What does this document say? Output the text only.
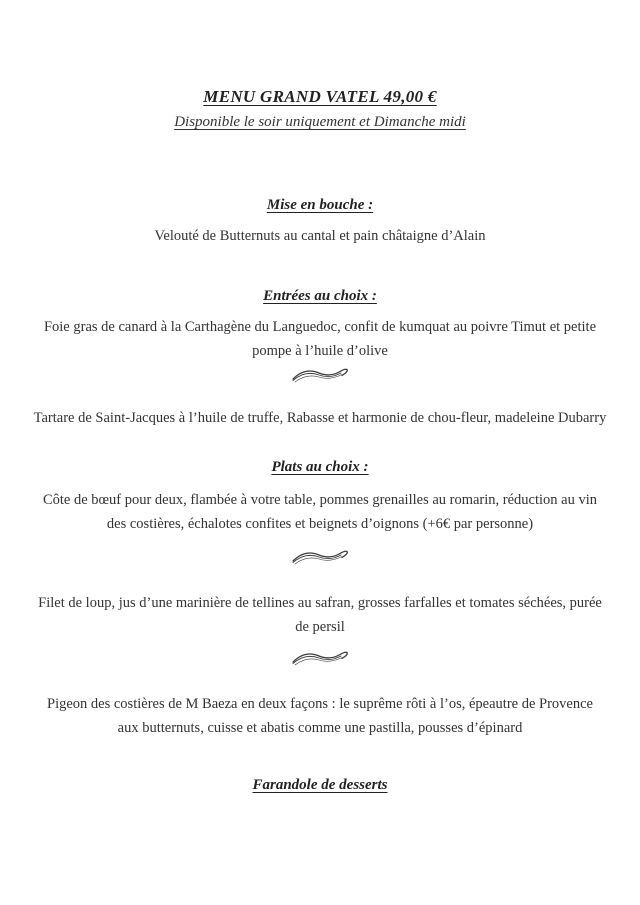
MENU GRAND VATEL 49,00 €
Disponible le soir uniquement et Dimanche midi
Mise en bouche :

Velouté de Butternuts au cantal et pain châtaigne d’Alain

Entrées au choix :

Foie gras de canard à la Carthagène du Languedoc, confit de kumquat au poivre Timut et petite pompe à l’huile d’olive

Tartare de Saint-Jacques à l’huile de truffe, Rabasse et harmonie de chou-fleur, madeleine Dubarry

Plats au choix :

Côte de bœuf pour deux, flambée à votre table, pommes grenailles au romarin, réduction au vin des costières, échalotes confites et beignets d’oignons (+6€ par personne)

Filet de loup, jus d’une marinière de tellines au safran, grosses farfalles et tomates séchées, purée de persil

Pigeon des costières de M Baeza en deux façons : le suprême rôti à l’os, épeautre de Provence aux butternuts, cuisse et abatis comme une pastilla, pousses d’épinard

Farandole de desserts
